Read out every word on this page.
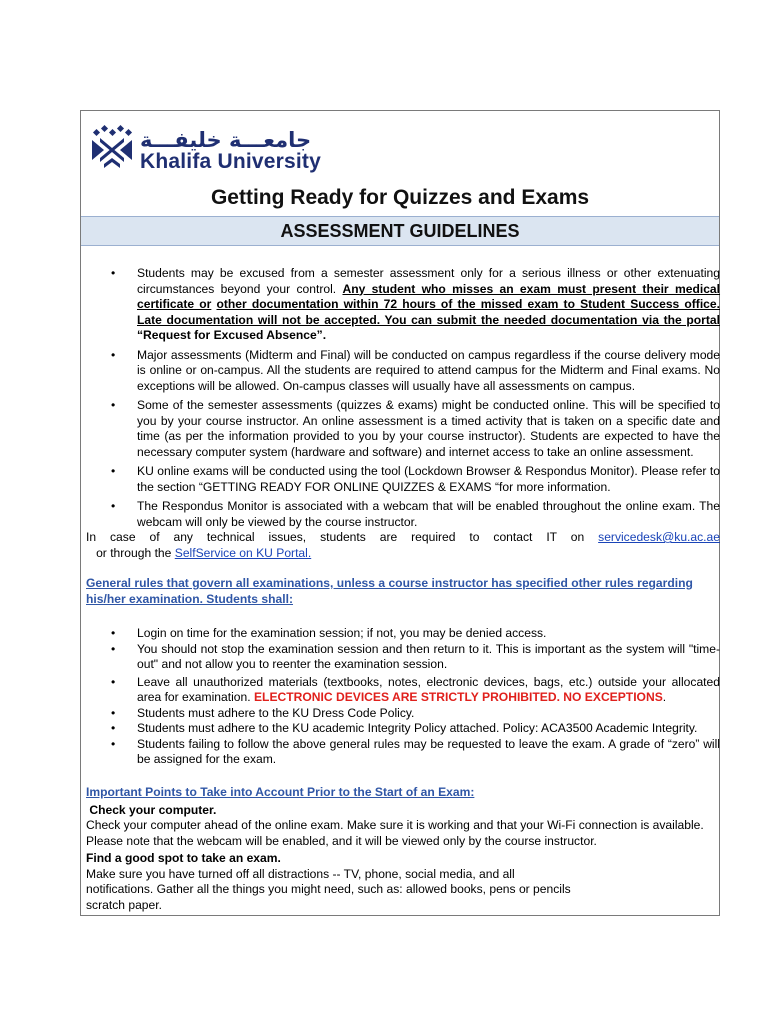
جامعـــة خليفـــة
Khalifa University
Getting Ready for Quizzes and Exams
ASSESSMENT GUIDELINES
• Students may be excused from a semester assessment only for a serious illness or other extenuating circumstances beyond your control. Any student who misses an exam must present their medical certificate or other documentation within 72 hours of the missed exam to Student Success office. Late documentation will not be accepted. You can submit the needed documentation via the portal “Request for Excused Absence”.
• Major assessments (Midterm and Final) will be conducted on campus regardless if the course delivery mode is online or on-campus. All the students are required to attend campus for the Midterm and Final exams. No exceptions will be allowed. On-campus classes will usually have all assessments on campus.
• Some of the semester assessments (quizzes & exams) might be conducted online. This will be specified to you by your course instructor. An online assessment is a timed activity that is taken on a specific date and time (as per the information provided to you by your course instructor). Students are expected to have the necessary computer system (hardware and software) and internet access to take an online assessment.
• KU online exams will be conducted using the tool (Lockdown Browser & Respondus Monitor). Please refer to the section “GETTING READY FOR ONLINE QUIZZES & EXAMS “for more information.
• The Respondus Monitor is associated with a webcam that will be enabled throughout the online exam. The webcam will only be viewed by the course instructor.
In case of any technical issues, students are required to contact IT on servicedesk@ku.ac.ae   or through the SelfService on KU Portal.
General rules that govern all examinations, unless a course instructor has specified other rules regarding his/her examination. Students shall:
• Login on time for the examination session; if not, you may be denied access.
• You should not stop the examination session and then return to it. This is important as the system will "time-out" and not allow you to reenter the examination session.
• Leave all unauthorized materials (textbooks, notes, electronic devices, bags, etc.) outside your allocated area for examination. ELECTRONIC DEVICES ARE STRICTLY PROHIBITED. NO EXCEPTIONS.
• Students must adhere to the KU Dress Code Policy.
• Students must adhere to the KU academic Integrity Policy attached. Policy: ACA3500 Academic Integrity.
• Students failing to follow the above general rules may be requested to leave the exam. A grade of “zero” will be assigned for the exam.
Important Points to Take into Account Prior to the Start of an Exam:
Check your computer.
Check your computer ahead of the online exam. Make sure it is working and that your Wi-Fi connection is available. Please note that the webcam will be enabled, and it will be viewed only by the course instructor.
Find a good spot to take an exam.
Make sure you have turned off all distractions -- TV, phone, social media, and all
notifications. Gather all the things you might need, such as: allowed books, pens or pencils
scratch paper.
